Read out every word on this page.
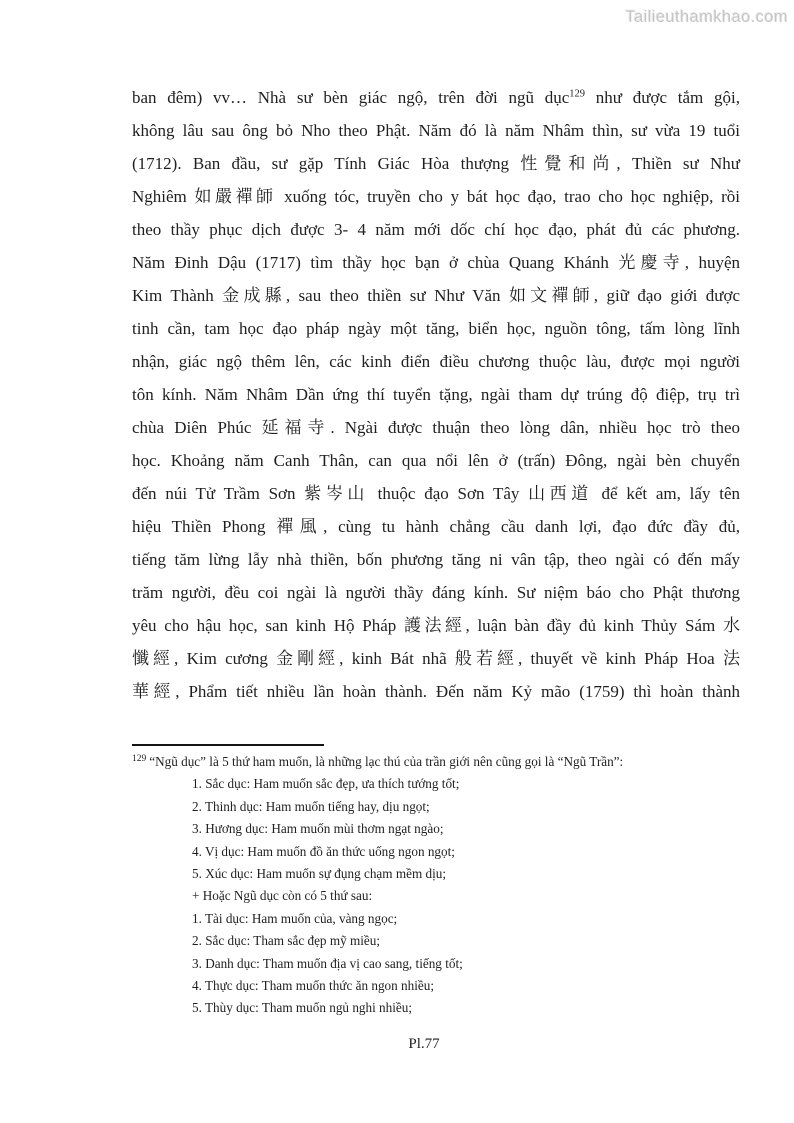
Tailieuthamkhao.com
ban đêm) vv… Nhà sư bèn giác ngộ, trên đời ngũ dục$^{129}$ như được tắm gội,
không lâu sau ông bỏ Nho theo Phật. Năm đó là năm Nhâm thìn, sư vừa 19 tuổi
(1712). Ban đầu, sư gặp Tính Giác Hòa thượng 性覺和尚, Thiền sư Như
Nghiêm 如嚴禪師 xuống tóc, truyền cho y bát học đạo, trao cho học nghiệp, rồi
theo thầy phục dịch được 3- 4 năm mới dốc chí học đạo, phát đủ các phương.
Năm Đinh Dậu (1717) tìm thầy học bạn ở chùa Quang Khánh 光慶寺, huyện
Kim Thành 金成縣, sau theo thiền sư Như Văn 如文禪師, giữ đạo giới được
tinh cần, tam học đạo pháp ngày một tăng, biển học, nguồn tông, tấm lòng lĩnh
nhận, giác ngộ thêm lên, các kinh điển điều chương thuộc làu, được mọi người
tôn kính. Năm Nhâm Dần ứng thí tuyển tặng, ngài tham dự trúng độ điệp, trụ trì
chùa Diên Phúc 延福寺. Ngài được thuận theo lòng dân, nhiều học trò theo
học. Khoảng năm Canh Thân, can qua nổi lên ở (trấn) Đông, ngài bèn chuyển
đến núi Tử Trầm Sơn 紫岑山 thuộc đạo Sơn Tây 山西道 để kết am, lấy tên
hiệu Thiền Phong 禪風, cùng tu hành chẳng cầu danh lợi, đạo đức đầy đủ,
tiếng tăm lừng lẫy nhà thiền, bốn phương tăng ni vân tập, theo ngài có đến mấy
trăm người, đều coi ngài là người thầy đáng kính. Sư niệm báo cho Phật thương
yêu cho hậu học, san kinh Hộ Pháp 護法經, luận bàn đầy đủ kinh Thủy Sám 水
懺經, Kim cương 金剛經, kinh Bát nhã 般若經, thuyết về kinh Pháp Hoa 法
華經, Phẩm tiết nhiều lần hoàn thành. Đến năm Kỷ mão (1759) thì hoàn thành
$^{129}$ “Ngũ dục” là 5 thứ ham muốn, là những lạc thú của trần giới nên cũng gọi là “Ngũ Trần”:
1. Sắc dục: Ham muốn sắc đẹp, ưa thích tướng tốt;
2. Thinh dục: Ham muốn tiếng hay, dịu ngọt;
3. Hương dục: Ham muốn mùi thơm ngạt ngào;
4. Vị dục: Ham muốn đồ ăn thức uống ngon ngọt;
5. Xúc dục: Ham muốn sự đụng chạm mềm dịu;
+ Hoặc Ngũ dục còn có 5 thứ sau:
1. Tài dục: Ham muốn của, vàng ngọc;
2. Sắc dục: Tham sắc đẹp mỹ miều;
3. Danh dục: Tham muốn địa vị cao sang, tiếng tốt;
4. Thực dục: Tham muốn thức ăn ngon nhiều;
5. Thùy dục: Tham muốn ngủ nghi nhiều;
Pl.77
